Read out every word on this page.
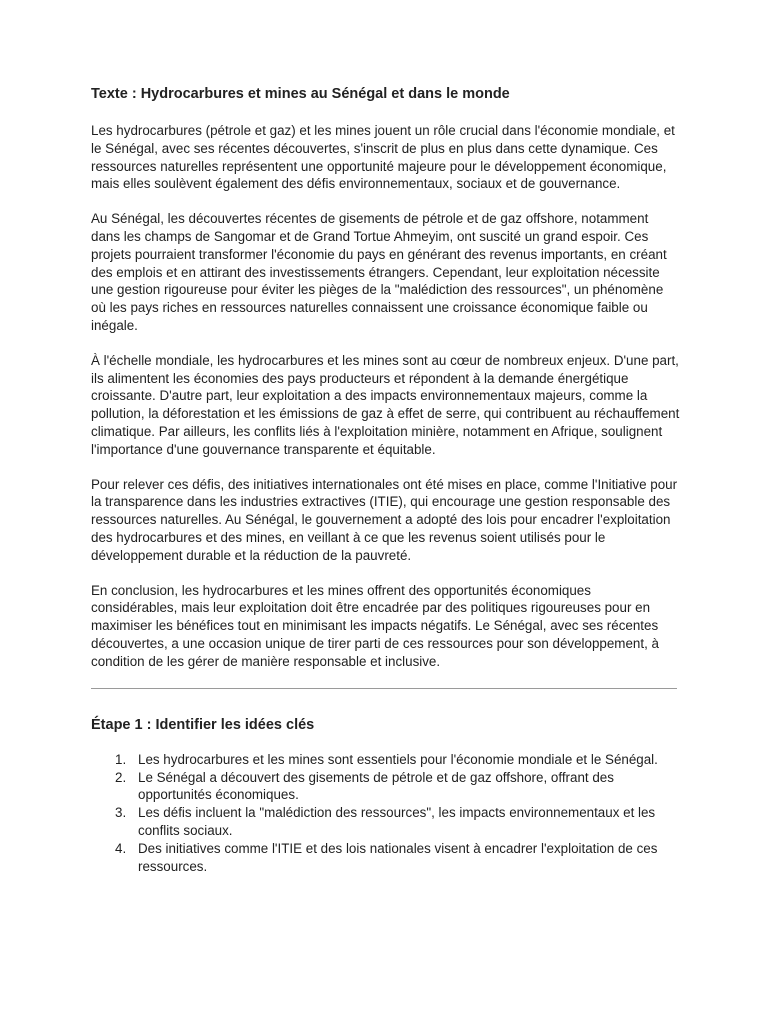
Texte : Hydrocarbures et mines au Sénégal et dans le monde

Les hydrocarbures (pétrole et gaz) et les mines jouent un rôle crucial dans l'économie mondiale, et le Sénégal, avec ses récentes découvertes, s'inscrit de plus en plus dans cette dynamique. Ces ressources naturelles représentent une opportunité majeure pour le développement économique, mais elles soulèvent également des défis environnementaux, sociaux et de gouvernance.

Au Sénégal, les découvertes récentes de gisements de pétrole et de gaz offshore, notamment dans les champs de Sangomar et de Grand Tortue Ahmeyim, ont suscité un grand espoir. Ces projets pourraient transformer l'économie du pays en générant des revenus importants, en créant des emplois et en attirant des investissements étrangers. Cependant, leur exploitation nécessite une gestion rigoureuse pour éviter les pièges de la "malédiction des ressources", un phénomène où les pays riches en ressources naturelles connaissent une croissance économique faible ou inégale.

À l'échelle mondiale, les hydrocarbures et les mines sont au cœur de nombreux enjeux. D'une part, ils alimentent les économies des pays producteurs et répondent à la demande énergétique croissante. D'autre part, leur exploitation a des impacts environnementaux majeurs, comme la pollution, la déforestation et les émissions de gaz à effet de serre, qui contribuent au réchauffement climatique. Par ailleurs, les conflits liés à l'exploitation minière, notamment en Afrique, soulignent l'importance d'une gouvernance transparente et équitable.

Pour relever ces défis, des initiatives internationales ont été mises en place, comme l'Initiative pour la transparence dans les industries extractives (ITIE), qui encourage une gestion responsable des ressources naturelles. Au Sénégal, le gouvernement a adopté des lois pour encadrer l'exploitation des hydrocarbures et des mines, en veillant à ce que les revenus soient utilisés pour le développement durable et la réduction de la pauvreté.

En conclusion, les hydrocarbures et les mines offrent des opportunités économiques considérables, mais leur exploitation doit être encadrée par des politiques rigoureuses pour en maximiser les bénéfices tout en minimisant les impacts négatifs. Le Sénégal, avec ses récentes découvertes, a une occasion unique de tirer parti de ces ressources pour son développement, à condition de les gérer de manière responsable et inclusive.

Étape 1 : Identifier les idées clés
1. Les hydrocarbures et les mines sont essentiels pour l'économie mondiale et le Sénégal.
2. Le Sénégal a découvert des gisements de pétrole et de gaz offshore, offrant des opportunités économiques.
3. Les défis incluent la "malédiction des ressources", les impacts environnementaux et les conflits sociaux.
4. Des initiatives comme l'ITIE et des lois nationales visent à encadrer l'exploitation de ces ressources.
